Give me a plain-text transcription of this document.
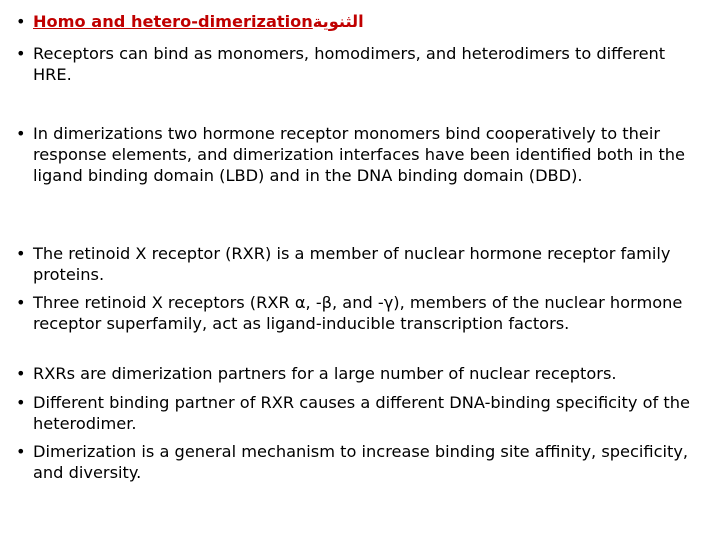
• Homo and hetero-dimerizationالثنوية
• Receptors can bind as monomers, homodimers, and heterodimers to different HRE.
• In dimerizations two hormone receptor monomers bind cooperatively to their response elements, and dimerization interfaces have been identified both in the ligand binding domain (LBD) and in the DNA binding domain (DBD).
• The retinoid X receptor (RXR) is a member of nuclear hormone receptor family proteins.
• Three retinoid X receptors (RXR α, -β, and -γ), members of the nuclear hormone receptor superfamily, act as ligand-inducible transcription factors.
• RXRs are dimerization partners for a large number of nuclear receptors.
• Different binding partner of RXR causes a different DNA-binding specificity of the heterodimer.
• Dimerization is a general mechanism to increase binding site affinity, specificity, and diversity.
